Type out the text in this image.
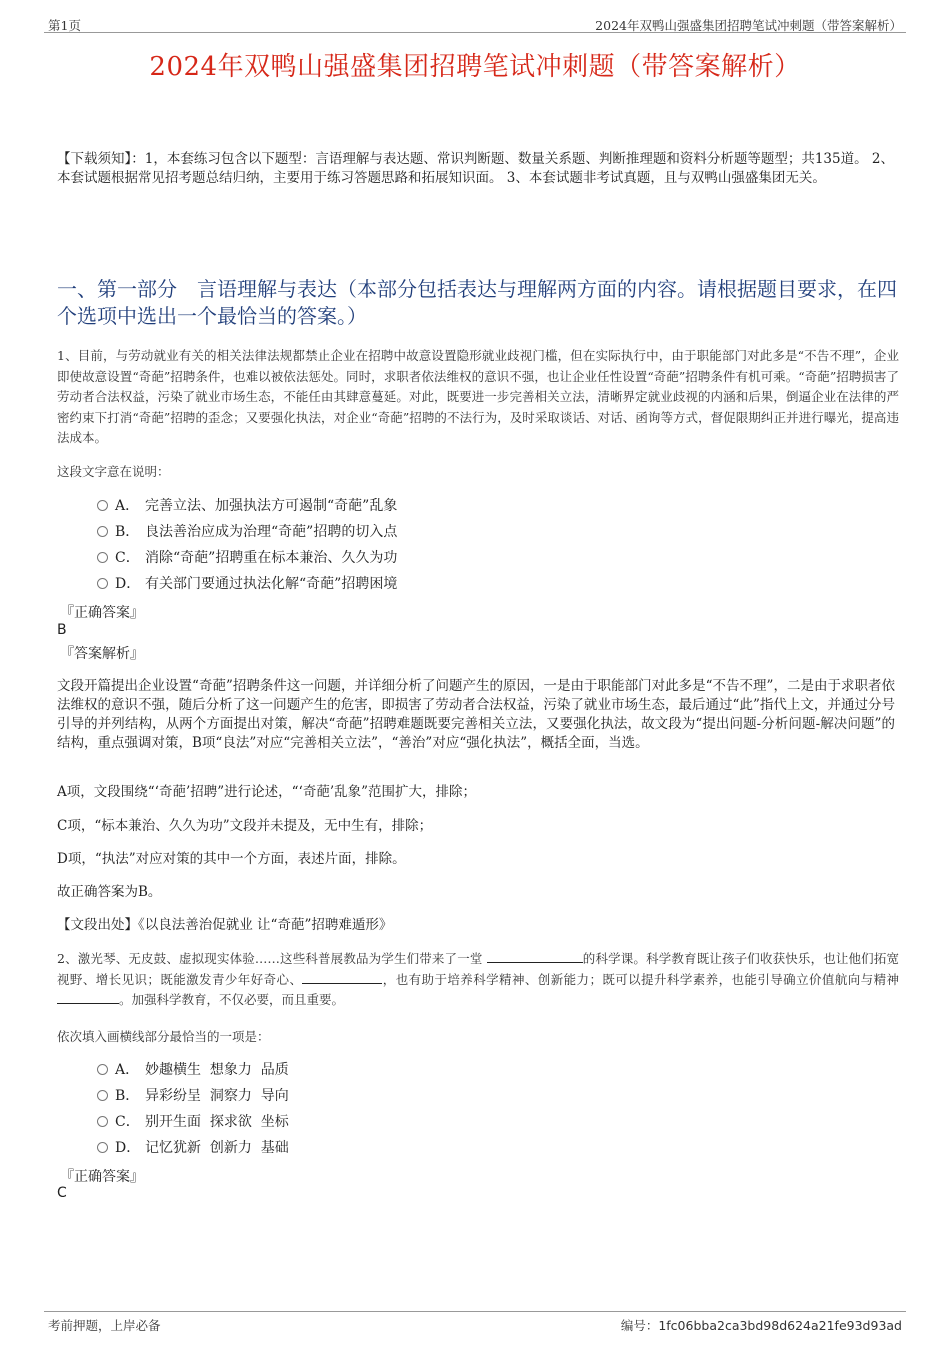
第1页	2024年双鸭山强盛集团招聘笔试冲刺题（带答案解析）
2024年双鸭山强盛集团招聘笔试冲刺题（带答案解析）
【下载须知】：1，本套练习包含以下题型：言语理解与表达题、常识判断题、数量关系题、判断推理题和资料分析题等题型；共135道。 2、本套试题根据常见招考题总结归纳，主要用于练习答题思路和拓展知识面。 3、本套试题非考试真题，且与双鸭山强盛集团无关。
一、第一部分　言语理解与表达（本部分包括表达与理解两方面的内容。请根据题目要求，在四个选项中选出一个最恰当的答案。）
1、目前，与劳动就业有关的相关法律法规都禁止企业在招聘中故意设置隐形就业歧视门槛，但在实际执行中，由于职能部门对此多是“不告不理”，企业即使故意设置“奇葩”招聘条件，也难以被依法惩处。同时，求职者依法维权的意识不强，也让企业任性设置“奇葩”招聘条件有机可乘。“奇葩”招聘损害了劳动者合法权益，污染了就业市场生态，不能任由其肆意蔓延。对此，既要进一步完善相关立法，清晰界定就业歧视的内涵和后果，倒逼企业在法律的严密约束下打消“奇葩”招聘的歪念；又要强化执法，对企业“奇葩”招聘的不法行为，及时采取谈话、对话、函询等方式，督促限期纠正并进行曝光，提高违法成本。
这段文字意在说明：
A． 完善立法、加强执法方可遏制“奇葩”乱象
B． 良法善治应成为治理“奇葩”招聘的切入点
C． 消除“奇葩”招聘重在标本兼治、久久为功
D． 有关部门要通过执法化解“奇葩”招聘困境
『正确答案』
B
『答案解析』
文段开篇提出企业设置“奇葩”招聘条件这一问题，并详细分析了问题产生的原因，一是由于职能部门对此多是“不告不理”，二是由于求职者依法维权的意识不强，随后分析了这一问题产生的危害，即损害了劳动者合法权益，污染了就业市场生态，最后通过“此”指代上文，并通过分号引导的并列结构，从两个方面提出对策，解决“奇葩”招聘难题既要完善相关立法，又要强化执法，故文段为“提出问题-分析问题-解决问题”的结构，重点强调对策，B项“良法”对应“完善相关立法”，“善治”对应“强化执法”，概括全面，当选。
A项，文段围绕“‘奇葩’招聘”进行论述，“‘奇葩’乱象”范围扩大，排除；
C项，“标本兼治、久久为功”文段并未提及，无中生有，排除；
D项，“执法”对应对策的其中一个方面，表述片面，排除。
故正确答案为B。
【文段出处】《以良法善治促就业 让“奇葩”招聘难遁形》
2、激光琴、无皮鼓、虚拟现实体验……这些科普展教品为学生们带来了一堂	的科学课。科学教育既让孩子们收获快乐，也让他们拓宽视野、增长见识；既能激发青少年好奇心、	，也有助于培养科学精神、创新能力；既可以提升科学素养，也能引导确立价值航向与精神 。加强科学教育，不仅必要，而且重要。
依次填入画横线部分最恰当的一项是：
A． 妙趣横生  想象力  品质
B． 异彩纷呈  洞察力  导向
C． 别开生面  探求欲  坐标
D． 记忆犹新  创新力  基础
『正确答案』
C
考前押题，上岸必备	编号：1fc06bba2ca3bd98d624a21fe93d93ad
